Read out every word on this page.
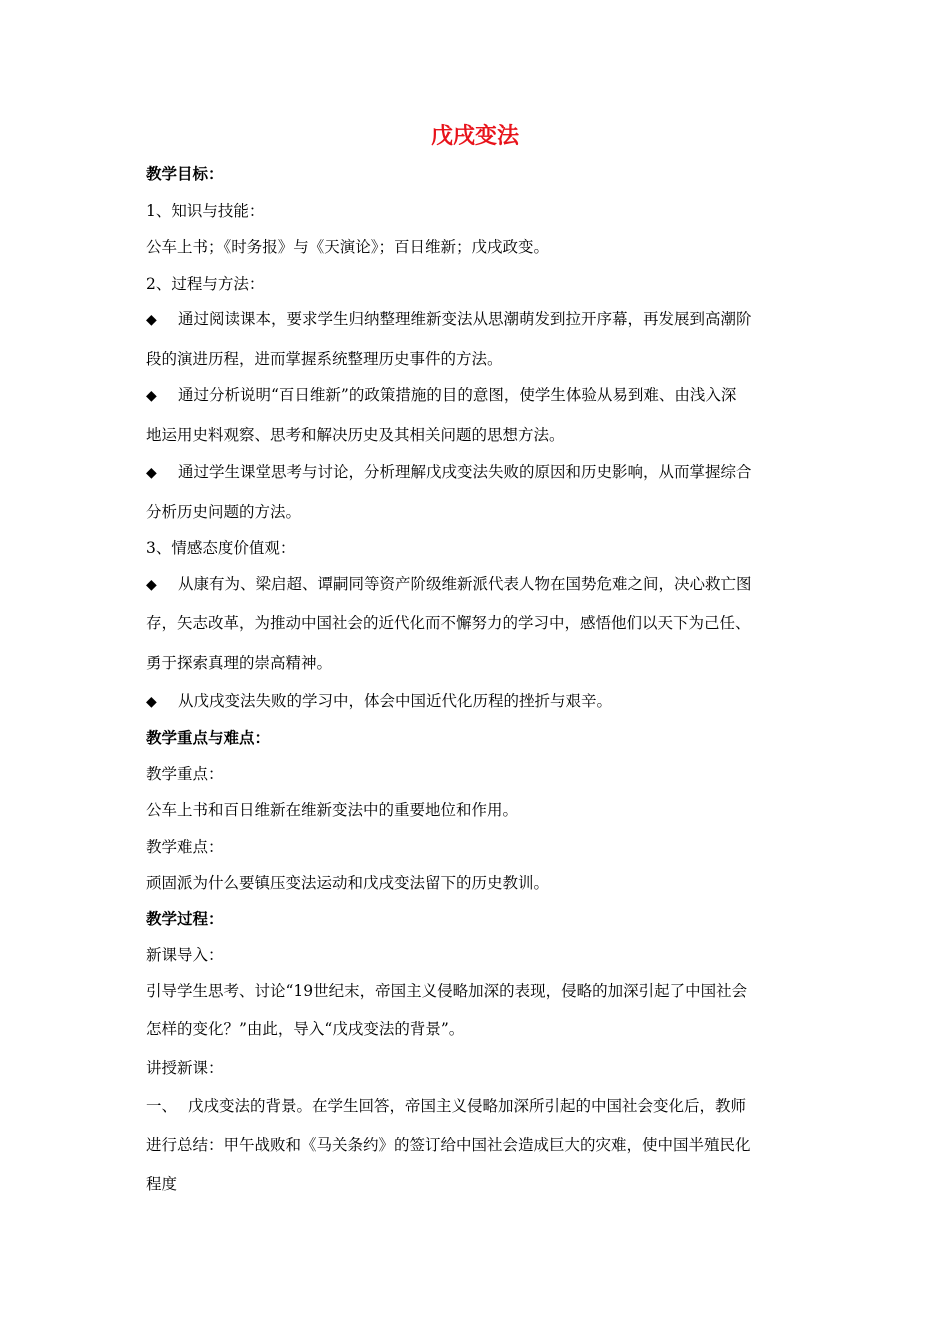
戊戌变法
教学目标：
1、知识与技能：
公车上书；《时务报》与《天演论》；百日维新；戊戌政变。
2、过程与方法：
◆ 通过阅读课本，要求学生归纳整理维新变法从思潮萌发到拉开序幕，再发展到高潮阶
段的演进历程，进而掌握系统整理历史事件的方法。
◆ 通过分析说明“百日维新”的政策措施的目的意图，使学生体验从易到难、由浅入深
地运用史料观察、思考和解决历史及其相关问题的思想方法。
◆ 通过学生课堂思考与讨论，分析理解戊戌变法失败的原因和历史影响，从而掌握综合
分析历史问题的方法。
3、情感态度价值观：
◆ 从康有为、梁启超、谭嗣同等资产阶级维新派代表人物在国势危难之间，决心救亡图
存，矢志改革，为推动中国社会的近代化而不懈努力的学习中，感悟他们以天下为己任、
勇于探索真理的崇高精神。
◆ 从戊戌变法失败的学习中，体会中国近代化历程的挫折与艰辛。
教学重点与难点：
教学重点：
公车上书和百日维新在维新变法中的重要地位和作用。
教学难点：
顽固派为什么要镇压变法运动和戊戌变法留下的历史教训。
教学过程：
新课导入：
引导学生思考、讨论“19世纪末，帝国主义侵略加深的表现，侵略的加深引起了中国社会
怎样的变化？”由此，导入“戊戌变法的背景”。
讲授新课：
一、 戊戌变法的背景。在学生回答，帝国主义侵略加深所引起的中国社会变化后，教师
进行总结：甲午战败和《马关条约》的签订给中国社会造成巨大的灾难，使中国半殖民化
程度
